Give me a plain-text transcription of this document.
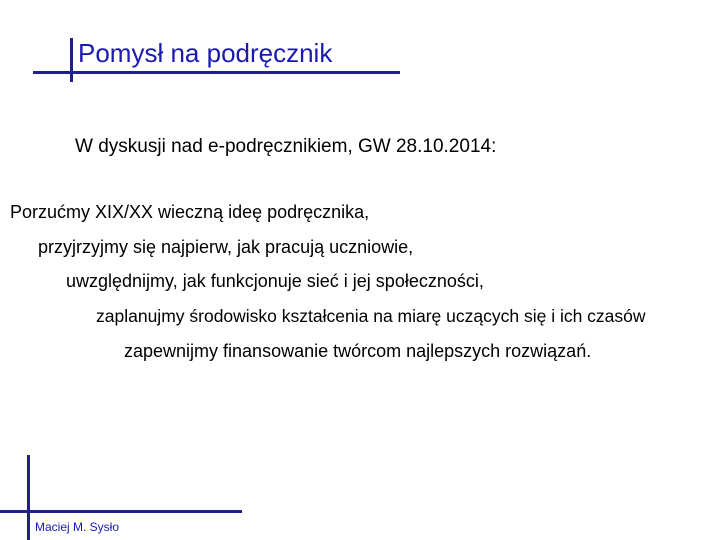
Pomysł na podręcznik
W dyskusji nad e-podręcznikiem, GW 28.10.2014:
Porzućmy XIX/XX wieczną ideę podręcznika,
przyjrzyjmy się najpierw, jak pracują uczniowie,
uwzględnijmy, jak funkcjonuje sieć i jej społeczności,
zaplanujmy środowisko kształcenia na miarę uczących się i ich czasów
zapewnijmy finansowanie twórcom najlepszych rozwiązań.
Maciej M. Sysło
